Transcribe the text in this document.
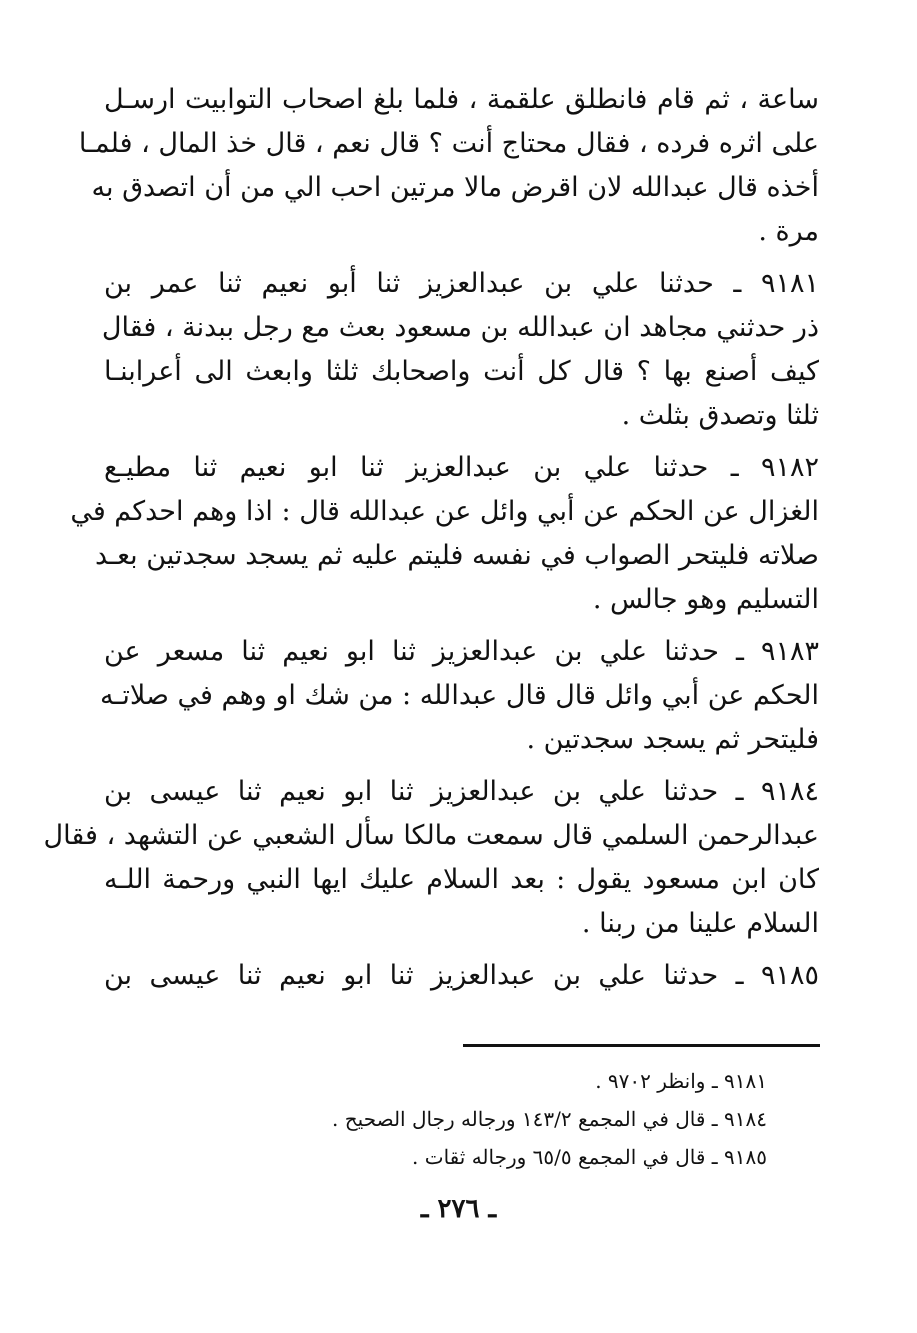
ساعة ، ثم قام فانطلق علقمة ، فلما بلغ اصحاب التوابيت ارسـل
على اثره فرده ، فقال محتاج أنت ؟ قال نعم ، قال خذ المال ، فلمـا
أخذه قال عبدالله لان اقرض مالا مرتين احب الي من أن اتصدق به
مرة .
٩١٨١ ـ حدثنا علي بن عبدالعزيز ثنا أبو نعيم ثنا عمر بن
ذر حدثني مجاهد ان عبدالله بن مسعود بعث مع رجل ببدنة ، فقال
كيف أصنع بها ؟ قال كل أنت واصحابك ثلثا وابعث الى أعرابنـا
ثلثا وتصدق بثلث .
٩١٨٢ ـ حدثنا علي بن عبدالعزيز ثنا ابو نعيم ثنا مطيـع
الغزال عن الحكم عن أبي وائل عن عبدالله قال : اذا وهم احدكم في
صلاته فليتحر الصواب في نفسه فليتم عليه ثم يسجد سجدتين بعـد
التسليم وهو جالس .
٩١٨٣ ـ حدثنا علي بن عبدالعزيز ثنا ابو نعيم ثنا مسعر عن
الحكم عن أبي وائل قال قال عبدالله : من شك او وهم في صلاتـه
فليتحر ثم يسجد سجدتين .
٩١٨٤ ـ حدثنا علي بن عبدالعزيز ثنا ابو نعيم ثنا عيسى بن
عبدالرحمن السلمي قال سمعت مالكا سأل الشعبي عن التشهد ، فقال
كان ابن مسعود يقول : بعد السلام عليك ايها النبي ورحمة اللـه
السلام علينا من ربنا .
٩١٨٥ ـ حدثنا علي بن عبدالعزيز ثنا ابو نعيم ثنا عيسى بن
٩١٨١ ـ وانظر ٩٧٠٢ .
٩١٨٤ ـ قال في المجمع ١٤٣/٢ ورجاله رجال الصحيح .
٩١٨٥ ـ قال في المجمع ٦٥/٥ ورجاله ثقات .
ـ ٢٧٦ ـ
